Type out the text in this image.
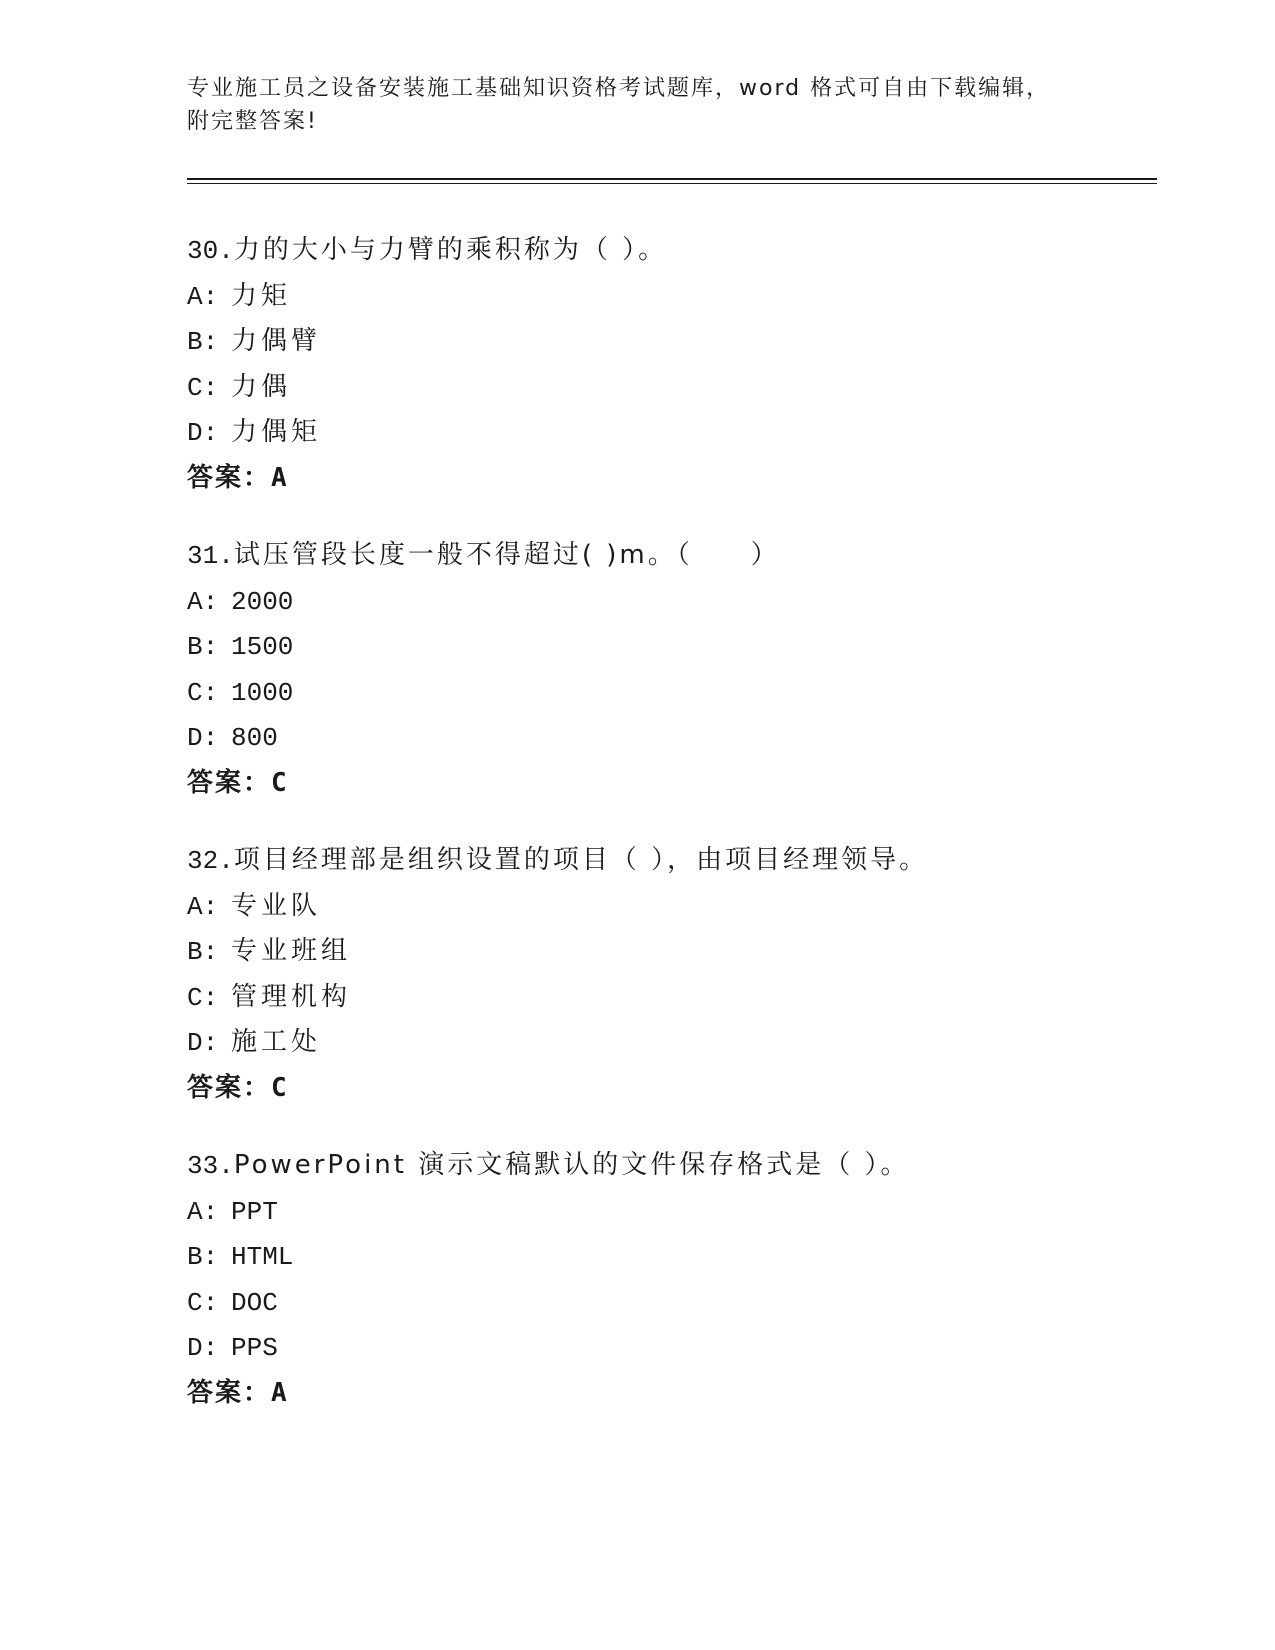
专业施工员之设备安装施工基础知识资格考试题库，word 格式可自由下载编辑，
附完整答案!
30.力的大小与力臂的乘积称为（ ）。
A: 力矩
B: 力偶臂
C: 力偶
D: 力偶矩
答案：A
31.试压管段长度一般不得超过( )m。（　　）
A: 2000
B: 1500
C: 1000
D: 800
答案：C
32.项目经理部是组织设置的项目（ ），由项目经理领导。
A: 专业队
B: 专业班组
C: 管理机构
D: 施工处
答案：C
33.PowerPoint 演示文稿默认的文件保存格式是（ ）。
A: PPT
B: HTML
C: DOC
D: PPS
答案：A
